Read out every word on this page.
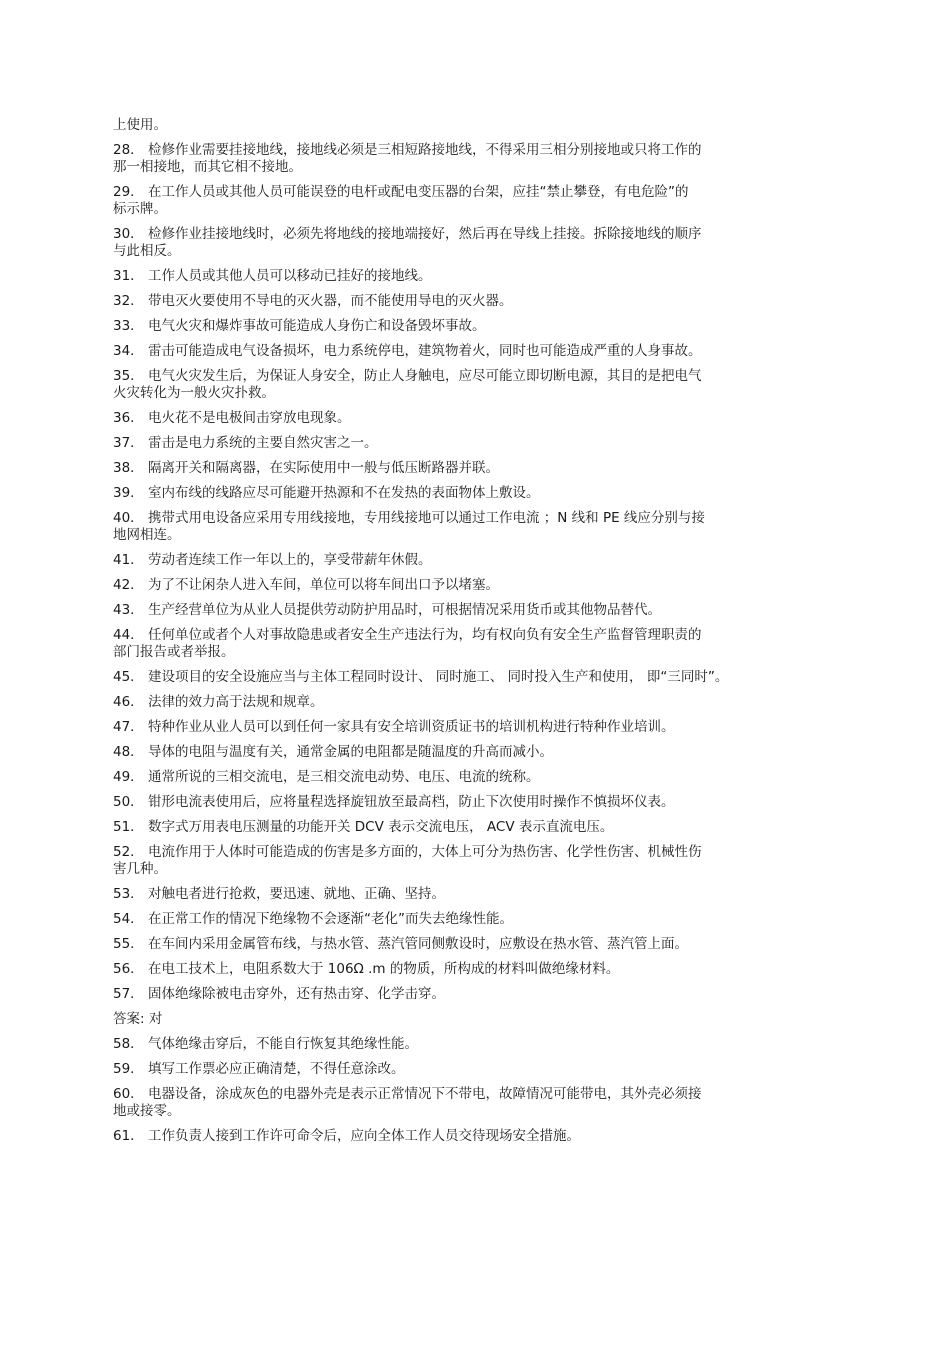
上使用。
28． 检修作业需要挂接地线，接地线必须是三相短路接地线，不得采用三相分别接地或只将工作的
那一相接地，而其它相不接地。
29． 在工作人员或其他人员可能误登的电杆或配电变压器的台架，应挂“禁止攀登，有电危险”的
标示牌。
30． 检修作业挂接地线时，必须先将地线的接地端接好，然后再在导线上挂接。拆除接地线的顺序
与此相反。
31． 工作人员或其他人员可以移动已挂好的接地线。
32． 带电灭火要使用不导电的灭火器，而不能使用导电的灭火器。
33． 电气火灾和爆炸事故可能造成人身伤亡和设备毁坏事故。
34． 雷击可能造成电气设备损坏，电力系统停电，建筑物着火，同时也可能造成严重的人身事故。
35． 电气火灾发生后，为保证人身安全，防止人身触电，应尽可能立即切断电源，其目的是把电气
火灾转化为一般火灾扑救。
36． 电火花不是电极间击穿放电现象。
37． 雷击是电力系统的主要自然灾害之一。
38． 隔离开关和隔离器，在实际使用中一般与低压断路器并联。
39． 室内布线的线路应尽可能避开热源和不在发热的表面物体上敷设。
40． 携带式用电设备应采用专用线接地，专用线接地可以通过工作电流 ；N 线和 PE 线应分别与接
地网相连。
41． 劳动者连续工作一年以上的，享受带薪年休假。
42． 为了不让闲杂人进入车间，单位可以将车间出口予以堵塞。
43． 生产经营单位为从业人员提供劳动防护用品时，可根据情况采用货币或其他物品替代。
44． 任何单位或者个人对事故隐患或者安全生产违法行为，均有权向负有安全生产监督管理职责的
部门报告或者举报。
45． 建设项目的安全设施应当与主体工程同时设计、 同时施工、 同时投入生产和使用， 即“三同时”。
46． 法律的效力高于法规和规章。
47． 特种作业从业人员可以到任何一家具有安全培训资质证书的培训机构进行特种作业培训。
48． 导体的电阻与温度有关，通常金属的电阻都是随温度的升高而减小。
49． 通常所说的三相交流电，是三相交流电动势、电压、电流的统称。
50． 钳形电流表使用后，应将量程选择旋钮放至最高档，防止下次使用时操作不慎损坏仪表。
51． 数字式万用表电压测量的功能开关 DCV 表示交流电压， ACV 表示直流电压。
52． 电流作用于人体时可能造成的伤害是多方面的，大体上可分为热伤害、化学性伤害、机械性伤
害几种。
53． 对触电者进行抢救，要迅速、就地、正确、坚持。
54． 在正常工作的情况下绝缘物不会逐渐“老化”而失去绝缘性能。
55． 在车间内采用金属管布线，与热水管、蒸汽管同侧敷设时，应敷设在热水管、蒸汽管上面。
56． 在电工技术上，电阻系数大于 106Ω .m 的物质，所构成的材料叫做绝缘材料。
57． 固体绝缘除被电击穿外，还有热击穿、化学击穿。
答案: 对
58． 气体绝缘击穿后，不能自行恢复其绝缘性能。
59． 填写工作票必应正确清楚，不得任意涂改。
60． 电器设备，涂成灰色的电器外壳是表示正常情况下不带电，故障情况可能带电，其外壳必须接
地或接零。
61． 工作负责人接到工作许可命令后，应向全体工作人员交待现场安全措施。
